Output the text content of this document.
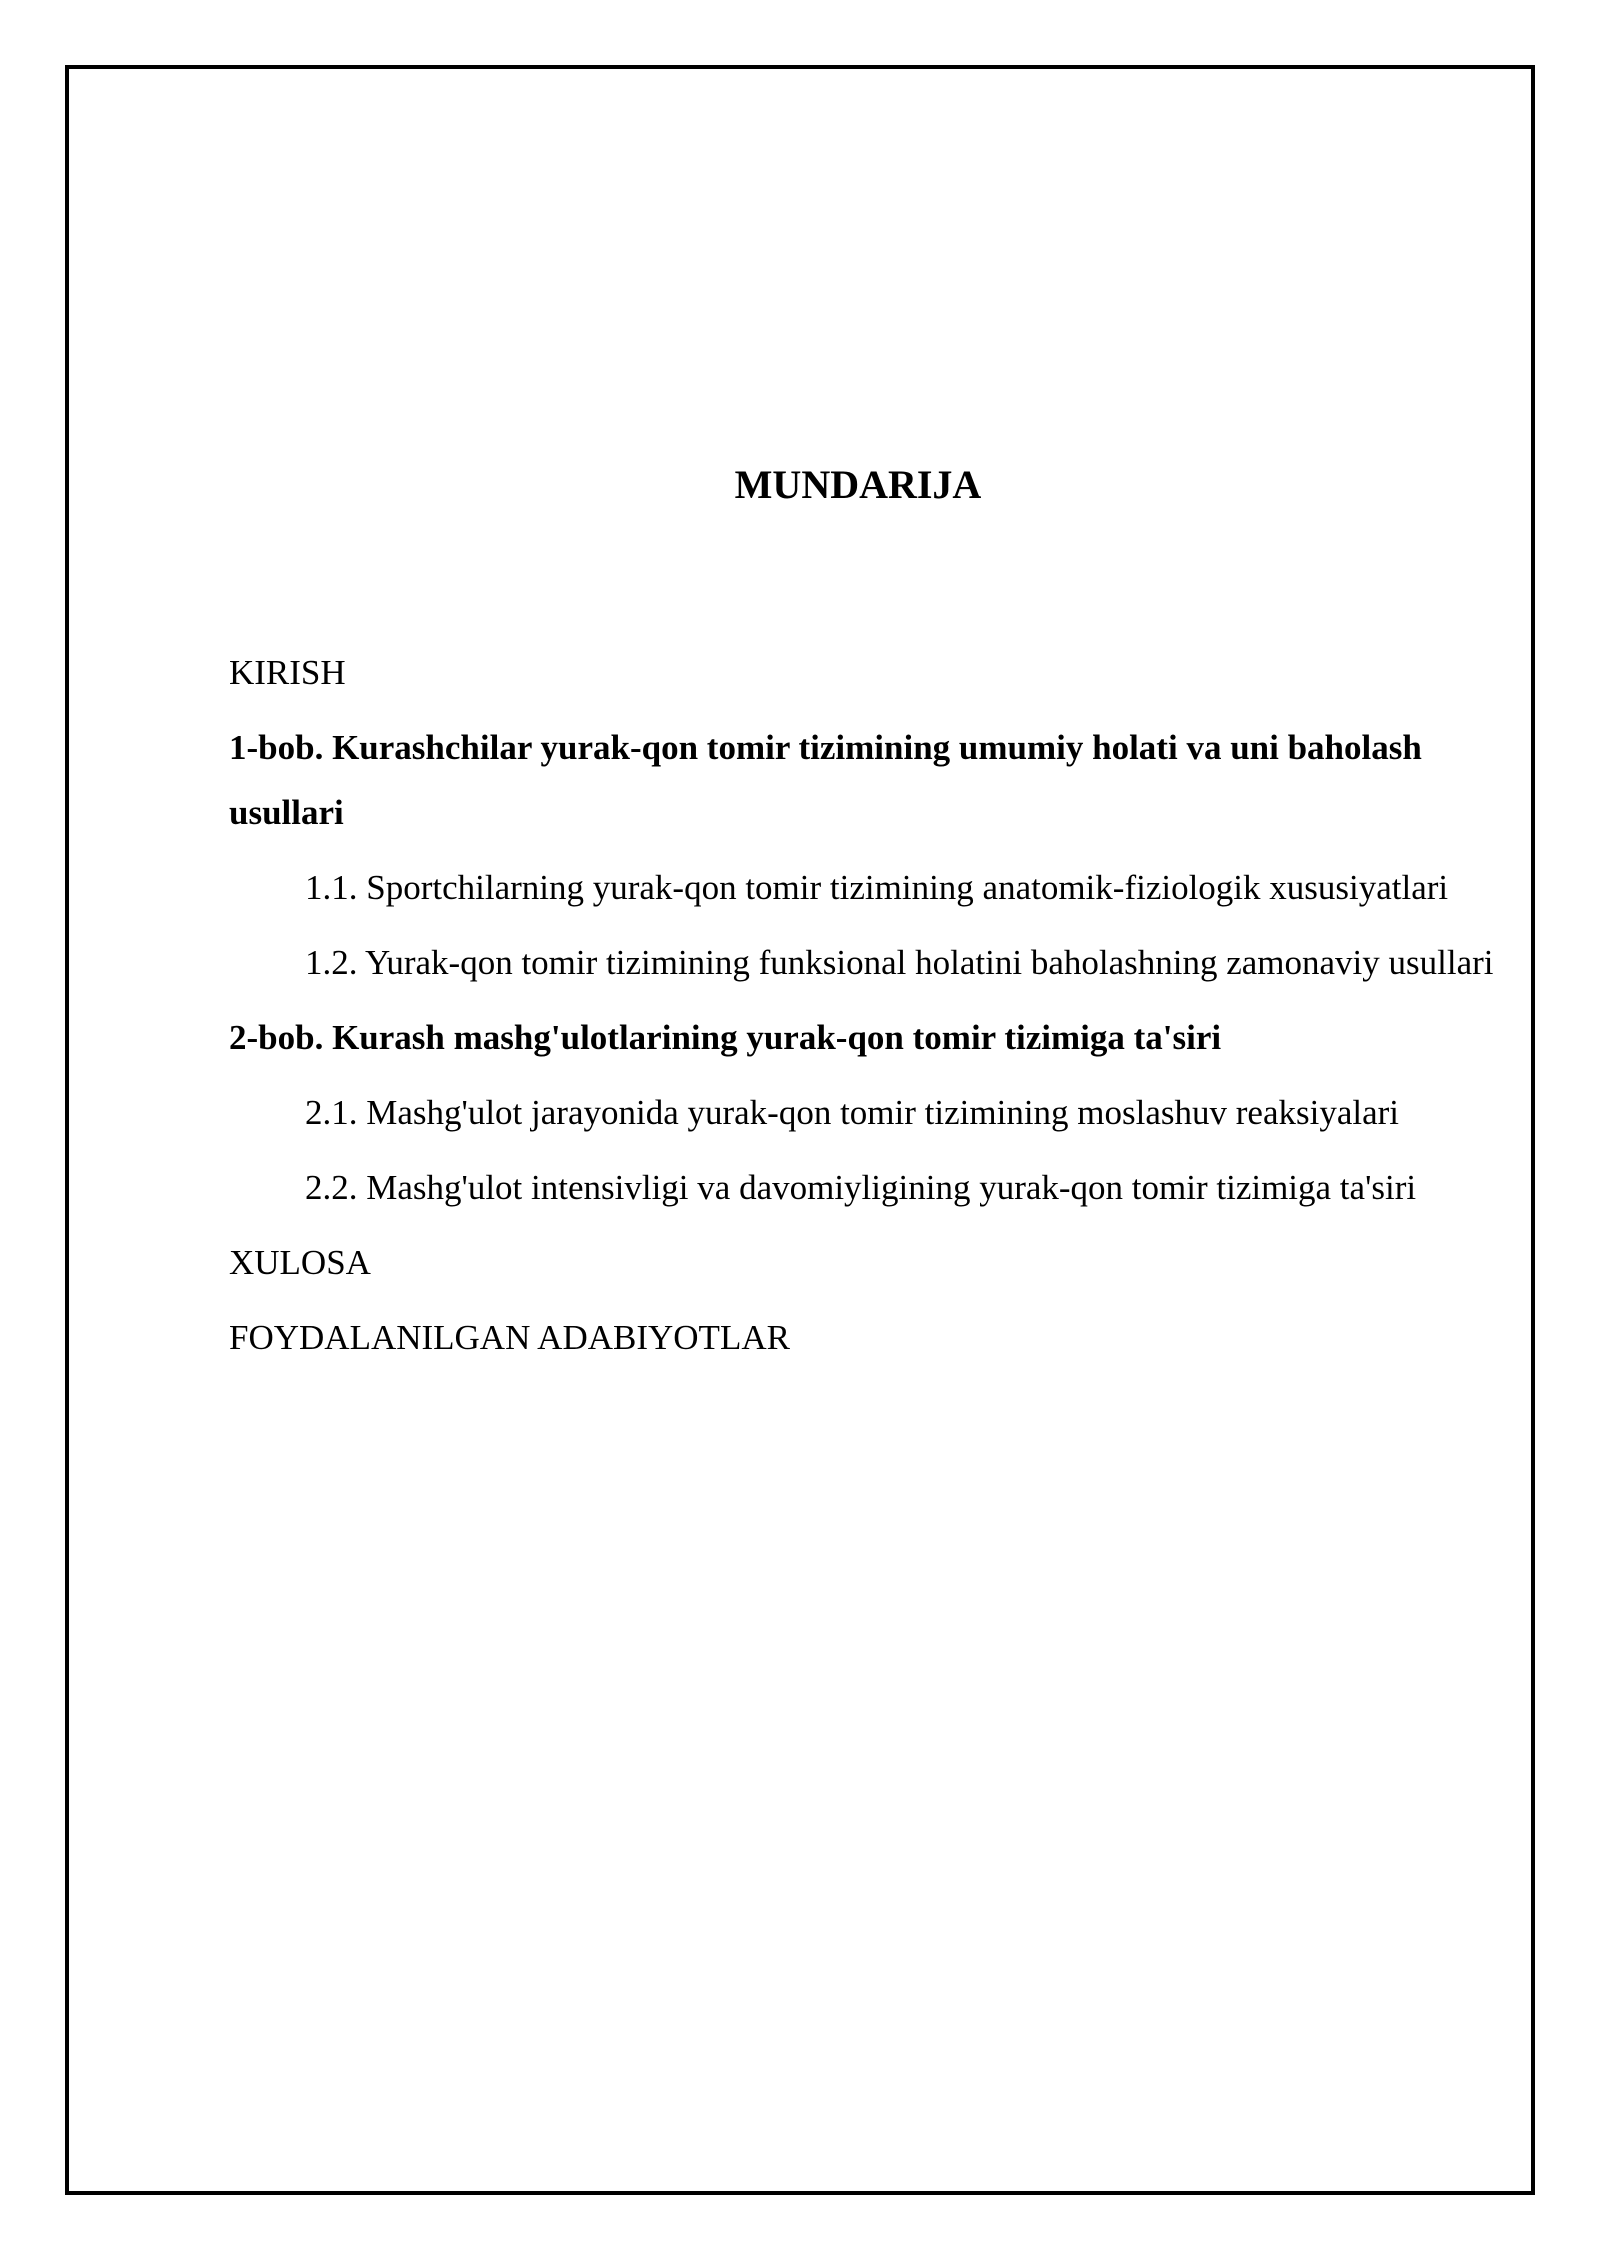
MUNDARIJA
KIRISH
1-bob. Kurashchilar yurak-qon tomir tizimining umumiy holati va uni baholash usullari
1.1. Sportchilarning yurak-qon tomir tizimining anatomik-fiziologik xususiyatlari
1.2. Yurak-qon tomir tizimining funksional holatini baholashning zamonaviy usullari
2-bob. Kurash mashg'ulotlarining yurak-qon tomir tizimiga ta'siri
2.1. Mashg'ulot jarayonida yurak-qon tomir tizimining moslashuv reaksiyalari
2.2. Mashg'ulot intensivligi va davomiyligining yurak-qon tomir tizimiga ta'siri
XULOSA
FOYDALANILGAN ADABIYOTLAR
